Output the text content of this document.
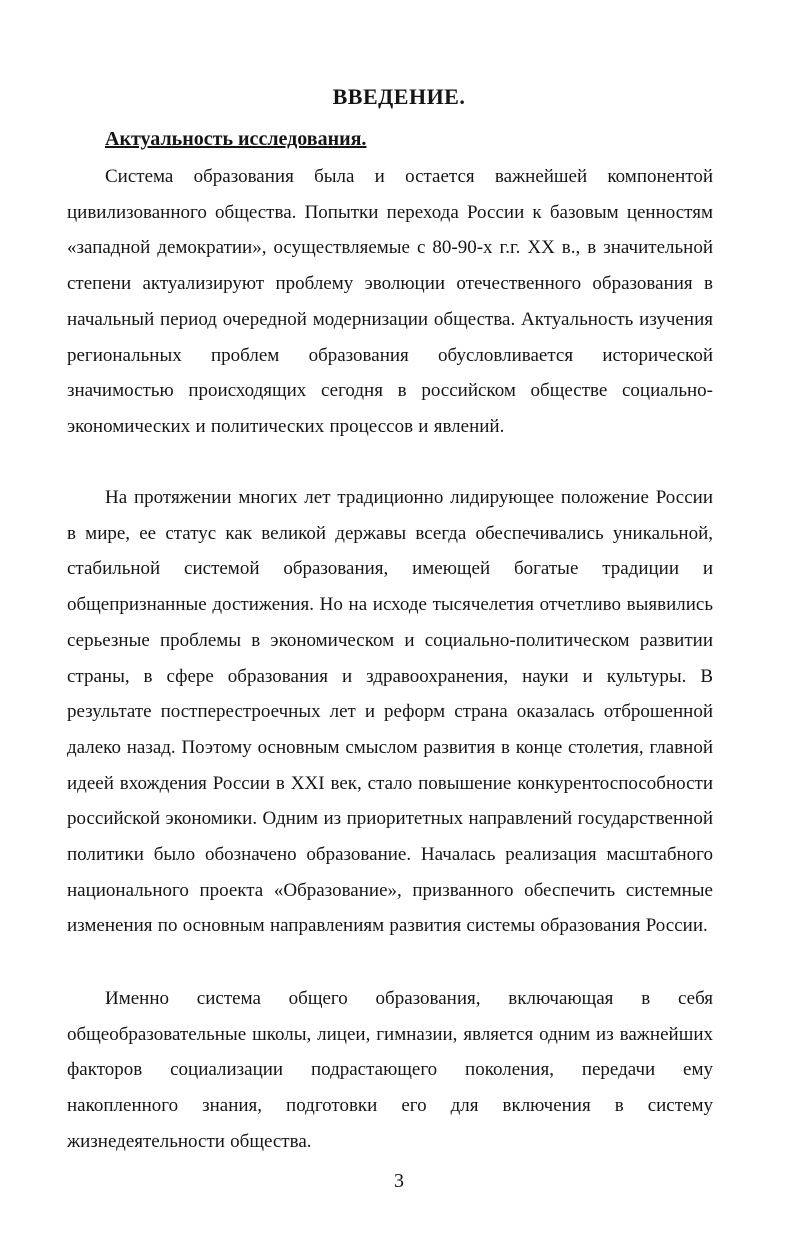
ВВЕДЕНИЕ.
Актуальность исследования.

Система образования была и остается важнейшей компонентой цивилизованного общества. Попытки перехода России к базовым ценностям «западной демократии», осуществляемые с 80-90-х г.г. XX в., в значительной степени актуализируют проблему эволюции отечественного образования в начальный период очередной модернизации общества. Актуальность изучения региональных проблем образования обусловливается исторической значимостью происходящих сегодня в российском обществе социально-экономических и политических процессов и явлений.

На протяжении многих лет традиционно лидирующее положение России в мире, ее статус как великой державы всегда обеспечивались уникальной, стабильной системой образования, имеющей богатые традиции и общепризнанные достижения. Но на исходе тысячелетия отчетливо выявились серьезные проблемы в экономическом и социально-политическом развитии страны, в сфере образования и здравоохранения, науки и культуры. В результате постперестроечных лет и реформ страна оказалась отброшенной далеко назад. Поэтому основным смыслом развития в конце столетия, главной идеей вхождения России в XXI век, стало повышение конкурентоспособности российской экономики. Одним из приоритетных направлений государственной политики было обозначено образование. Началась реализация масштабного национального проекта «Образование», призванного обеспечить системные изменения по основным направлениям развития системы образования России.

Именно система общего образования, включающая в себя общеобразовательные школы, лицеи, гимназии, является одним из важнейших факторов социализации подрастающего поколения, передачи ему накопленного знания, подготовки его для включения в систему жизнедеятельности общества.

3
